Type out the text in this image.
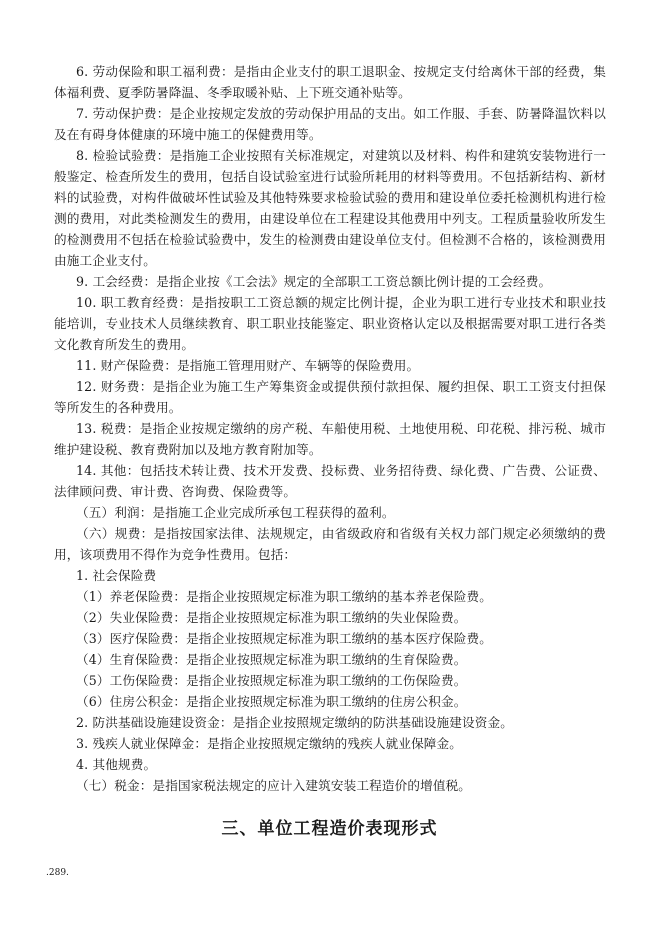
6. 劳动保险和职工福利费：是指由企业支付的职工退职金、按规定支付给离休干部的经费，集体福利费、夏季防暑降温、冬季取暖补贴、上下班交通补贴等。

7. 劳动保护费：是企业按规定发放的劳动保护用品的支出。如工作服、手套、防暑降温饮料以及在有碍身体健康的环境中施工的保健费用等。

8. 检验试验费：是指施工企业按照有关标准规定，对建筑以及材料、构件和建筑安装物进行一般鉴定、检查所发生的费用，包括自设试验室进行试验所耗用的材料等费用。不包括新结构、新材料的试验费，对构件做破坏性试验及其他特殊要求检验试验的费用和建设单位委托检测机构进行检测的费用，对此类检测发生的费用，由建设单位在工程建设其他费用中列支。工程质量验收所发生的检测费用不包括在检验试验费中，发生的检测费由建设单位支付。但检测不合格的，该检测费用由施工企业支付。

9. 工会经费：是指企业按《工会法》规定的全部职工工资总额比例计提的工会经费。

10. 职工教育经费：是指按职工工资总额的规定比例计提，企业为职工进行专业技术和职业技能培训，专业技术人员继续教育、职工职业技能鉴定、职业资格认定以及根据需要对职工进行各类文化教育所发生的费用。

11. 财产保险费：是指施工管理用财产、车辆等的保险费用。

12. 财务费：是指企业为施工生产筹集资金或提供预付款担保、履约担保、职工工资支付担保等所发生的各种费用。

13. 税费：是指企业按规定缴纳的房产税、车船使用税、土地使用税、印花税、排污税、城市维护建设税、教育费附加以及地方教育附加等。

14. 其他：包括技术转让费、技术开发费、投标费、业务招待费、绿化费、广告费、公证费、法律顾问费、审计费、咨询费、保险费等。

（五）利润：是指施工企业完成所承包工程获得的盈利。

（六）规费：是指按国家法律、法规规定，由省级政府和省级有关权力部门规定必须缴纳的费用，该项费用不得作为竞争性费用。包括：

1. 社会保险费

（1）养老保险费：是指企业按照规定标准为职工缴纳的基本养老保险费。

（2）失业保险费：是指企业按照规定标准为职工缴纳的失业保险费。

（3）医疗保险费：是指企业按照规定标准为职工缴纳的基本医疗保险费。

（4）生育保险费：是指企业按照规定标准为职工缴纳的生育保险费。

（5）工伤保险费：是指企业按照规定标准为职工缴纳的工伤保险费。

（6）住房公积金：是指企业按照规定标准为职工缴纳的住房公积金。

2. 防洪基础设施建设资金：是指企业按照规定缴纳的防洪基础设施建设资金。

3. 残疾人就业保障金：是指企业按照规定缴纳的残疾人就业保障金。

4. 其他规费。

（七）税金：是指国家税法规定的应计入建筑安装工程造价的增值税。

三、单位工程造价表现形式
.289.
